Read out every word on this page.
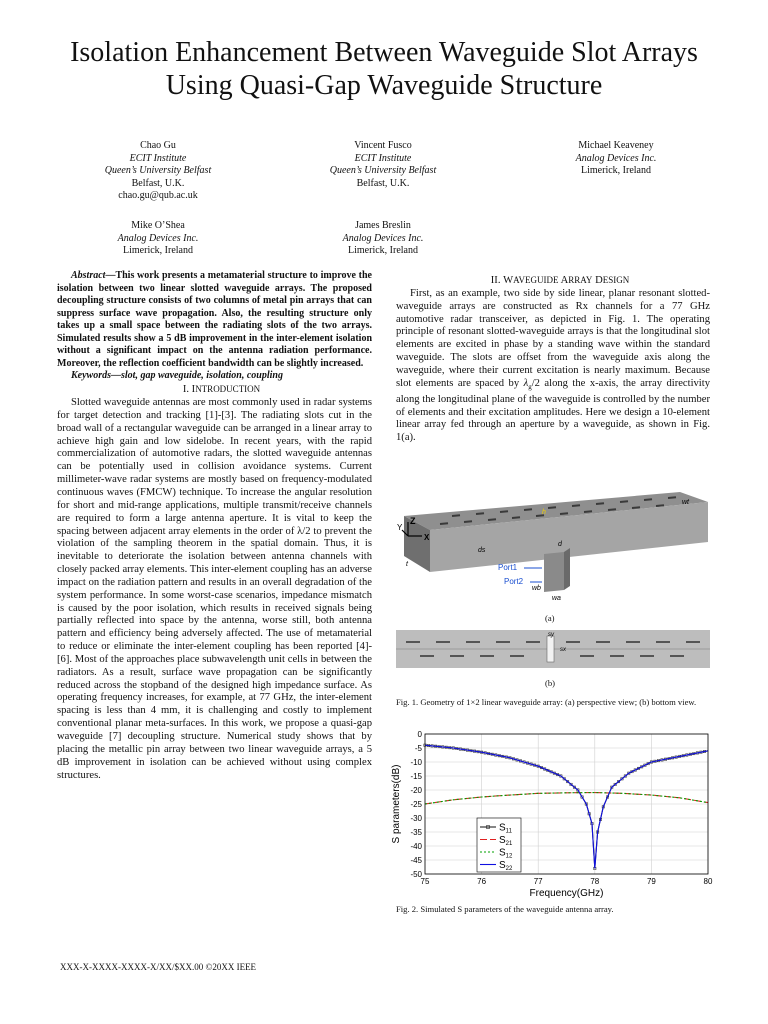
Isolation Enhancement Between Waveguide Slot Arrays Using Quasi-Gap Waveguide Structure
Chao Gu
ECIT Institute
Queen’s University Belfast
Belfast, U.K.
chao.gu@qub.ac.uk
Vincent Fusco
ECIT Institute
Queen’s University Belfast
Belfast, U.K.
Michael Keaveney
Analog Devices Inc.
Limerick, Ireland
Mike O’Shea
Analog Devices Inc.
Limerick, Ireland
James Breslin
Analog Devices Inc.
Limerick, Ireland

Abstract—This work presents a metamaterial structure to improve the isolation between two linear slotted waveguide arrays. The proposed decoupling structure consists of two columns of metal pin arrays that can suppress surface wave propagation. Also, the resulting structure only takes up a small space between the radiating slots of the two arrays. Simulated results show a 5 dB improvement in the inter-element isolation without a significant impact on the antenna radiation performance. Moreover, the reflection coefficient bandwidth can be slightly increased.

Keywords—slot, gap waveguide, isolation, coupling

I. INTRODUCTION

Slotted waveguide antennas are most commonly used in radar systems for target detection and tracking [1]-[3]. The radiating slots cut in the broad wall of a rectangular waveguide can be arranged in a linear array to achieve high gain and low sidelobe. In recent years, with the rapid commercialization of automotive radars, the slotted waveguide antennas can be potentially used in collision avoidance systems. Current millimeter-wave radar systems are mostly based on frequency-modulated continuous waves (FMCW) technique. To increase the angular resolution for short and mid-range applications, multiple transmit/receive channels are required to form a large antenna aperture. It is vital to keep the spacing between adjacent array elements in the order of λ/2 to prevent the violation of the sampling theorem in the spatial domain. Thus, it is inevitable to deteriorate the isolation between antenna channels with closely packed array elements. This inter-element coupling has an adverse impact on the radiation pattern and results in an overall degradation of the system performance. In some worst-case scenarios, impedance mismatch is caused by the poor isolation, which results in received signals being partially reflected into space by the antenna, worse still, both antenna pattern and efficiency being adversely affected. The use of metamaterial to reduce or eliminate the inter-element coupling has been reported [4]-[6]. Most of the approaches place subwavelength unit cells in between the radiators. As a result, surface wave propagation can be significantly reduced across the stopband of the designed high impedance surface. As operating frequency increases, for example, at 77 GHz, the inter-element spacing is less than 4 mm, it is challenging and costly to implement conventional planar meta-surfaces. In this work, we propose a quasi-gap waveguide [7] decoupling structure. Numerical study shows that by placing the metallic pin array between two linear waveguide arrays, a 5 dB improvement in isolation can be achieved without using complex structures.

II. WAVEGUIDE ARRAY DESIGN

First, as an example, two side by side linear, planar resonant slotted-waveguide arrays are constructed as Rx channels for a 77 GHz automotive radar transceiver, as depicted in Fig. 1. The operating principle of resonant slotted-waveguide arrays is that the longitudinal slot elements are excited in phase by a standing wave within the standard waveguide. The slots are offset from the waveguide axis along the waveguide, where their current excitation is nearly maximum. Because slot elements are spaced by $\lambda_g/2$ along the x-axis, the array directivity along the longitudinal plane of the waveguide is controlled by the number of elements and their excitation amplitudes. Here we design a 10-element linear array fed through an aperture by a waveguide, as shown in Fig. 1(a).

Z
Y
X
ds
d
t
wb
wa
wt
h
Port1
Port2
(a)
sy
sx
(b)
Fig. 1. Geometry of 1×2 linear waveguide array: (a) perspective view; (b) bottom view.
75	76	77	78	79	80
0
-5
-10
-15
-20
-25
-30
-35
-40
-45
-50
Frequency(GHz)
S parameters(dB)	$S_{11}$
$S_{21}$
$S_{12}$
$S_{22}$
Fig. 2. Simulated S parameters of the waveguide antenna array.
XXX-X-XXXX-XXXX-X/XX/$XX.00 ©20XX IEEE
